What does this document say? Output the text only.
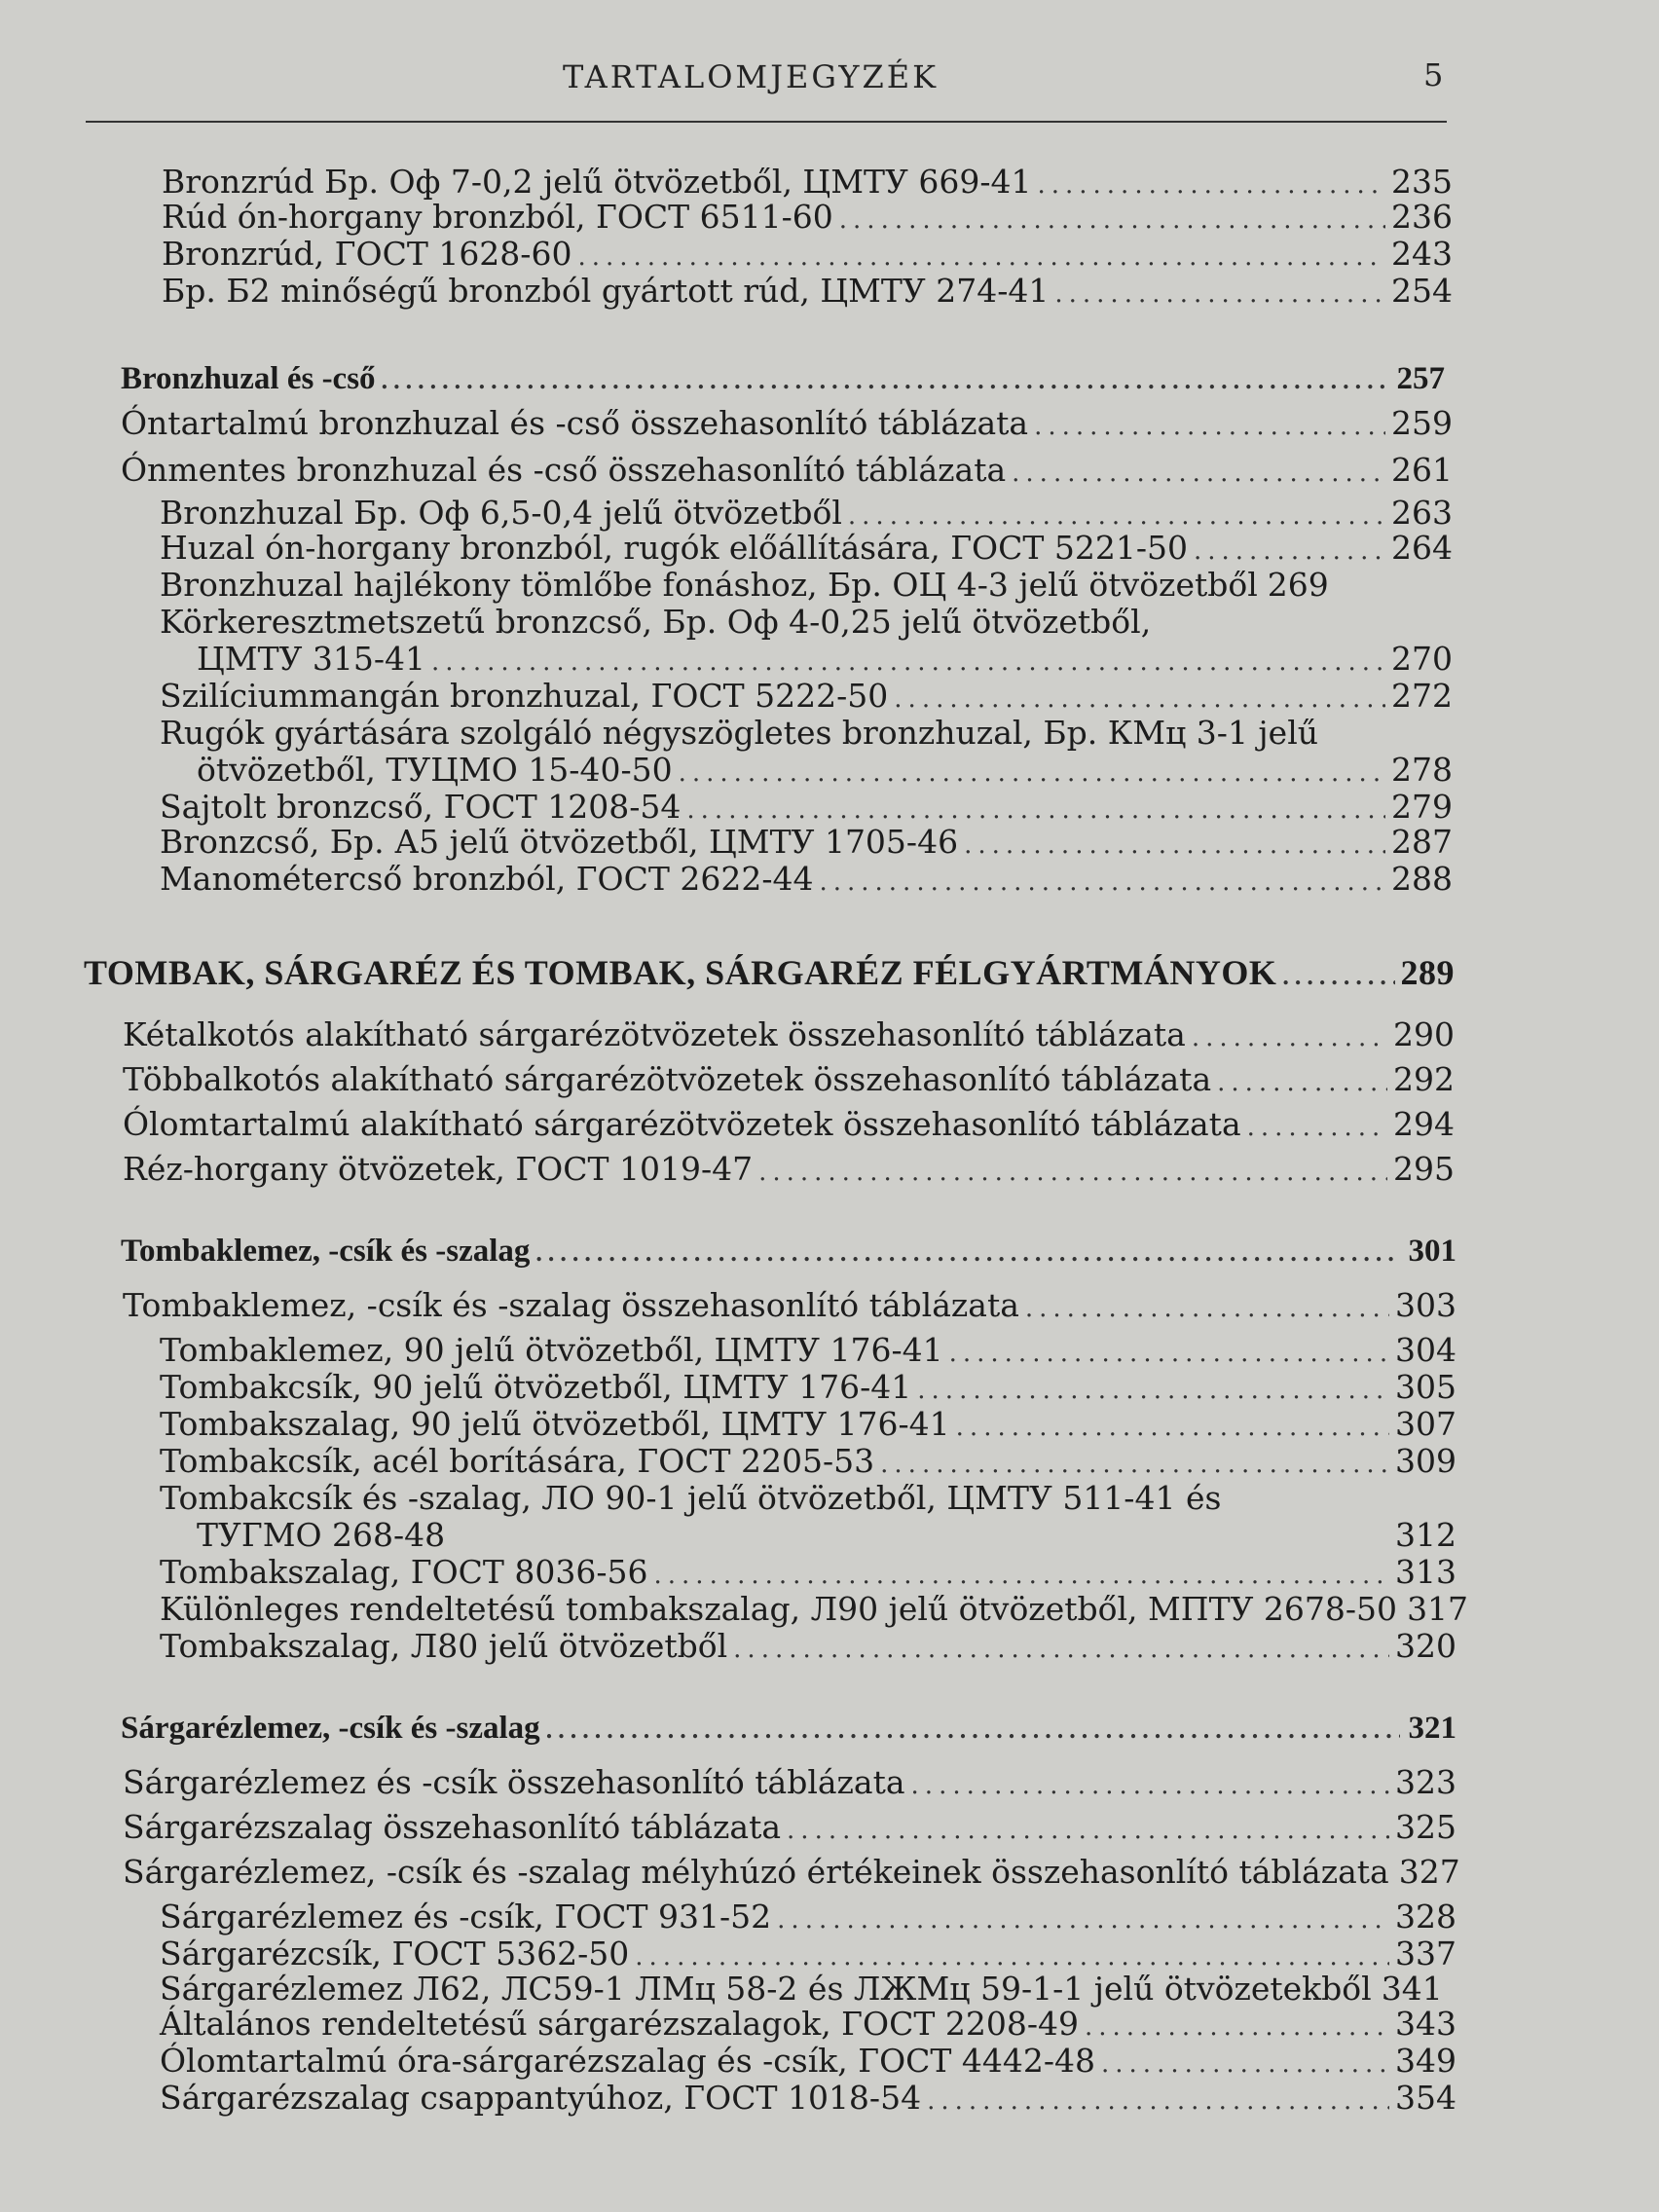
TARTALOMJEGYZÉK	5
Bronzrúd Бр. Оф 7-0,2 jelű ötvözetből, ЦМТУ 669-41 .....	235
Rúd ón-horgany bronzból, ГОСТ 6511-60 .....	236
Bronzrúd, ГОСТ 1628-60 .....	243
Бр. Б2 minőségű bronzból gyártott rúd, ЦМТУ 274-41 .....	254
Bronzhuzal és -cső .....	257
Óntartalmú bronzhuzal és -cső összehasonlító táblázata .....	259
Ónmentes bronzhuzal és -cső összehasonlító táblázata .....	261
Bronzhuzal Бр. Оф 6,5-0,4 jelű ötvözetből .....	263
Huzal ón-horgany bronzból, rugók előállítására, ГОСТ 5221-50 .....	264
Bronzhuzal hajlékony tömlőbe fonáshoz, Бр. ОЦ 4-3 jelű ötvözetből 269
Körkeresztmetszetű bronzcső, Бр. Оф 4-0,25 jelű ötvözetből,
ЦМТУ 315-41 .....	270
Szilíciummangán bronzhuzal, ГОСТ 5222-50 .....	272
Rugók gyártására szolgáló négyszögletes bronzhuzal, Бр. КМц 3-1 jelű
ötvözetből, ТУЦМО 15-40-50 .....	278
Sajtolt bronzcső, ГОСТ 1208-54 .....	279
Bronzcső, Бр. А5 jelű ötvözetből, ЦМТУ 1705-46 .....	287
Manométercső bronzból, ГОСТ 2622-44 .....	288
TOMBAK, SÁRGARÉZ ÉS TOMBAK, SÁRGARÉZ FÉLGYÁRTMÁNYOK .....	289
Kétalkotós alakítható sárgarézötvözetek összehasonlító táblázata .....	290
Többalkotós alakítható sárgarézötvözetek összehasonlító táblázata .....	292
Ólomtartalmú alakítható sárgarézötvözetek összehasonlító táblázata .....	294
Réz-horgany ötvözetek, ГОСТ 1019-47 .....	295
Tombaklemez, -csík és -szalag .....	301
Tombaklemez, -csík és -szalag összehasonlító táblázata .....	303
Tombaklemez, 90 jelű ötvözetből, ЦМТУ 176-41 .....	304
Tombakcsík, 90 jelű ötvözetből, ЦМТУ 176-41 .....	305
Tombakszalag, 90 jelű ötvözetből, ЦМТУ 176-41 .....	307
Tombakcsík, acél borítására, ГОСТ 2205-53 .....	309
Tombakcsík és -szalag, ЛО 90-1 jelű ötvözetből, ЦМТУ 511-41 és
ТУГМО 268-48	312
Tombakszalag, ГОСТ 8036-56 .....	313
Különleges rendeltetésű tombakszalag, Л90 jelű ötvözetből, МПТУ 2678-50 317
Tombakszalag, Л80 jelű ötvözetből .....	320
Sárgarézlemez, -csík és -szalag .....	321
Sárgarézlemez és -csík összehasonlító táblázata .....	323
Sárgarézszalag összehasonlító táblázata .....	325
Sárgarézlemez, -csík és -szalag mélyhúzó értékeinek összehasonlító táblázata 327
Sárgarézlemez és -csík, ГОСТ 931-52 .....	328
Sárgarézcsík, ГОСТ 5362-50 .....	337
Sárgarézlemez Л62, ЛС59-1 ЛМц 58-2 és ЛЖМц 59-1-1 jelű ötvözetekből 341
Általános rendeltetésű sárgarézszalagok, ГОСТ 2208-49 .....	343
Ólomtartalmú óra-sárgarézszalag és -csík, ГОСТ 4442-48 .....	349
Sárgarézszalag csappantyúhoz, ГОСТ 1018-54 .....	354
